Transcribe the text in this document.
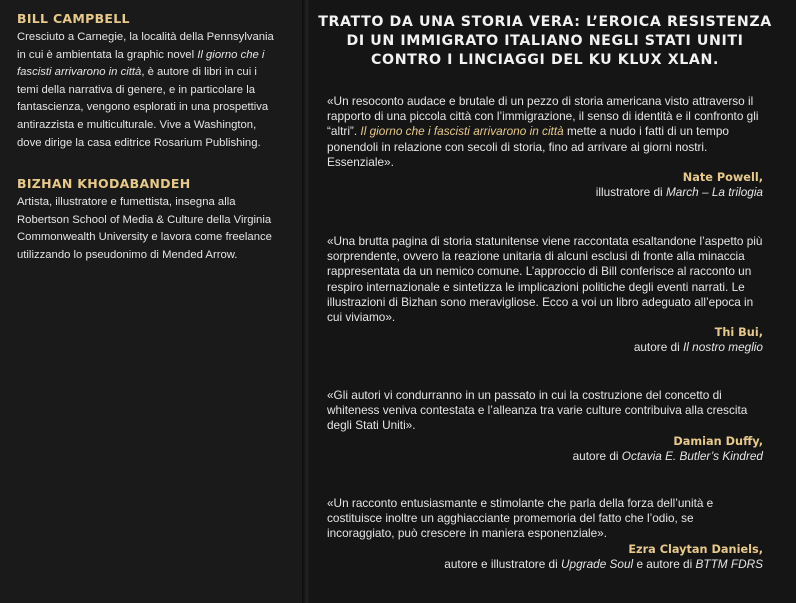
BILL CAMPBELL

Cresciuto a Carnegie, la località della Pennsylvania in cui è ambientata la graphic novel Il giorno che i fascisti arrivarono in città, è autore di libri in cui i temi della narrativa di genere, e in particolare la fantascienza, vengono esplorati in una prospettiva antirazzista e multiculturale. Vive a Washington, dove dirige la casa editrice Rosarium Publishing.

BIZHAN KHODABANDEH

Artista, illustratore e fumettista, insegna alla Robertson School of Media & Culture della Virginia Commonwealth University e lavora come freelance utilizzando lo pseudonimo di Mended Arrow.

TRATTO DA UNA STORIA VERA: L’EROICA RESISTENZA
DI UN IMMIGRATO ITALIANO NEGLI STATI UNITI
CONTRO I LINCIAGGI DEL KU KLUX XLAN.

«Un resoconto audace e brutale di un pezzo di storia americana visto attraverso il rapporto di una piccola città con l’immigrazione, il senso di identità e il confronto gli “altri”. Il giorno che i fascisti arrivarono in città mette a nudo i fatti di un tempo ponendoli in relazione con secoli di storia, fino ad arrivare ai giorni nostri. Essenziale».

Nate Powell,
illustratore di March – La trilogia

«Una brutta pagina di storia statunitense viene raccontata esaltandone l’aspetto più sorprendente, ovvero la reazione unitaria di alcuni esclusi di fronte alla minaccia rappresentata da un nemico comune. L’approccio di Bill conferisce al racconto un respiro internazionale e sintetizza le implicazioni politiche degli eventi narrati. Le illustrazioni di Bizhan sono meravigliose. Ecco a voi un libro adeguato all’epoca in cui viviamo».

Thi Bui,
autore di Il nostro meglio

«Gli autori vi condurranno in un passato in cui la costruzione del concetto di whiteness veniva contestata e l’alleanza tra varie culture contribuiva alla crescita degli Stati Uniti».

Damian Duffy,
autore di Octavia E. Butler’s Kindred

«Un racconto entusiasmante e stimolante che parla della forza dell’unità e costituisce inoltre un agghiacciante promemoria del fatto che l’odio, se incoraggiato, può crescere in maniera esponenziale».

Ezra Claytan Daniels,
autore e illustratore di Upgrade Soul e autore di BTTM FDRS
